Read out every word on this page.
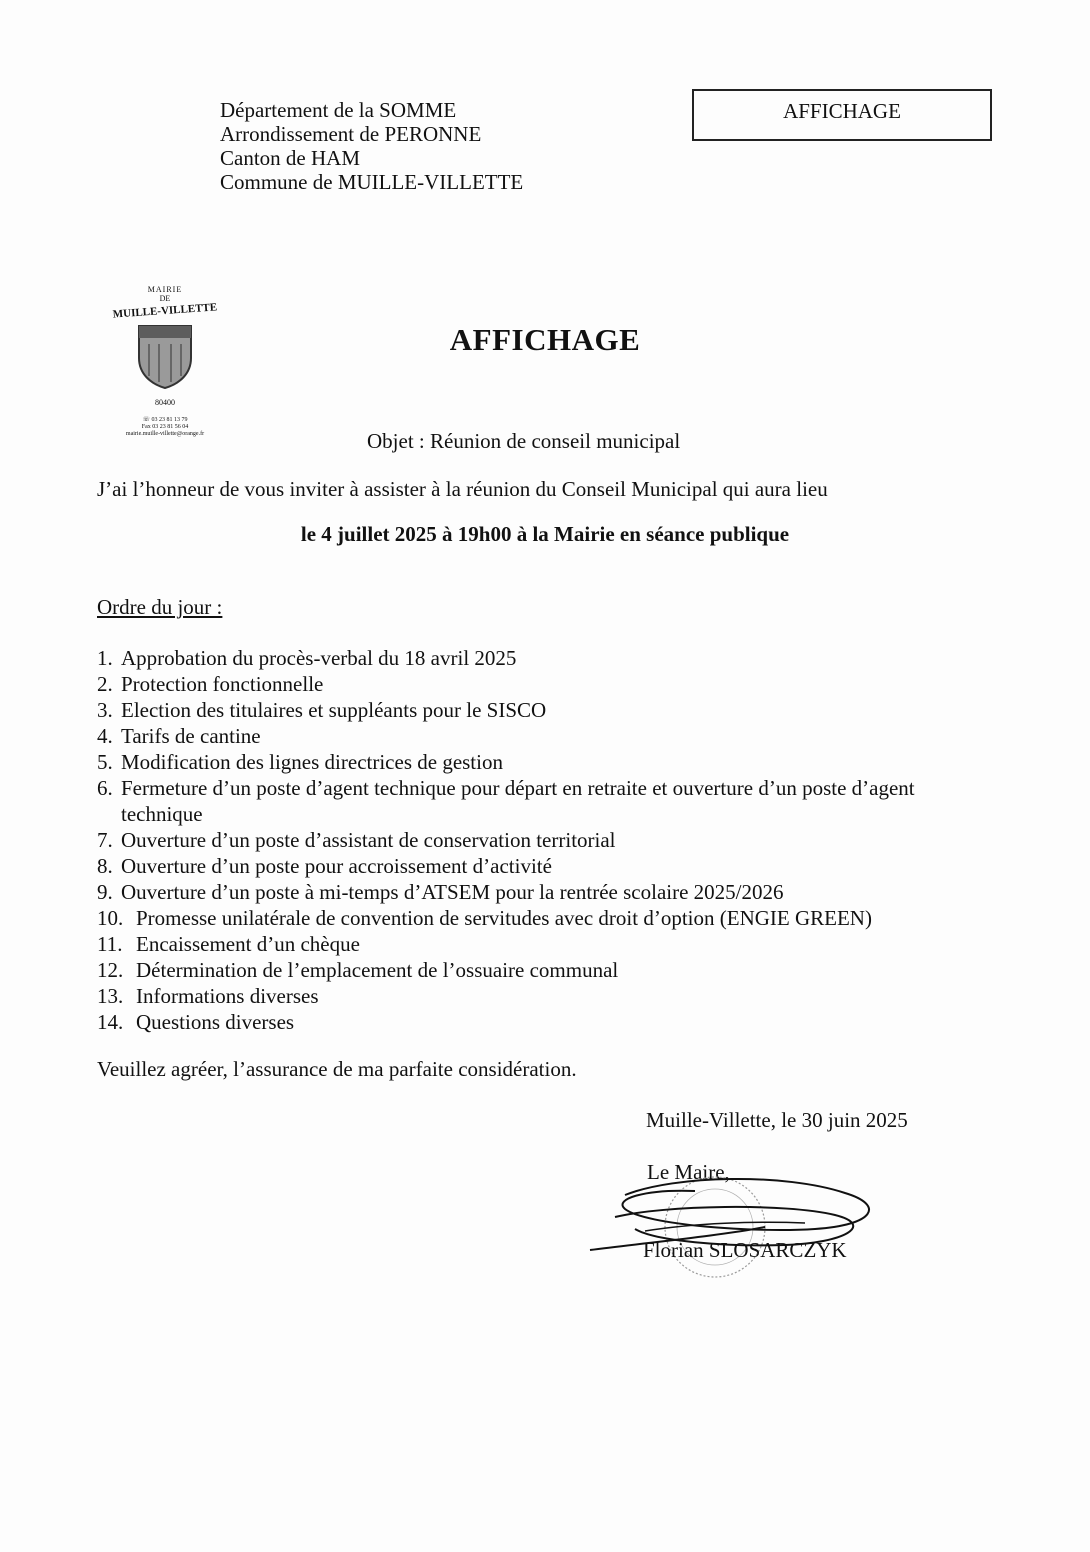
Département de la SOMME
Arrondissement de PERONNE
Canton de HAM
Commune de MUILLE-VILLETTE
AFFICHAGE
MAIRIE
DE
MUILLE-VILLETTE
80400
☏ 03 23 81 13 79
Fax 03 23 81 56 04
mairie.muille-villette@orange.fr
AFFICHAGE
Objet : Réunion de conseil municipal
J’ai l’honneur de vous inviter à assister à la réunion du Conseil Municipal qui aura lieu
le 4 juillet 2025 à 19h00 à la Mairie en séance publique
Ordre du jour :
1. Approbation du procès-verbal du 18 avril 2025
2. Protection fonctionnelle
3. Election des titulaires et suppléants pour le SISCO
4. Tarifs de cantine
5. Modification des lignes directrices de gestion
6. Fermeture d’un poste d’agent technique pour départ en retraite et ouverture d’un poste d’agent technique
7. Ouverture d’un poste d’assistant de conservation territorial
8. Ouverture d’un poste pour accroissement d’activité
9. Ouverture d’un poste à mi-temps d’ATSEM pour la rentrée scolaire 2025/2026
10. Promesse unilatérale de convention de servitudes avec droit d’option (ENGIE GREEN)
11. Encaissement d’un chèque
12. Détermination de l’emplacement de l’ossuaire communal
13. Informations diverses
14. Questions diverses
Veuillez agréer, l’assurance de ma parfaite considération.
Muille-Villette, le 30 juin 2025
Le Maire,
Florian SLOSARCZYK
